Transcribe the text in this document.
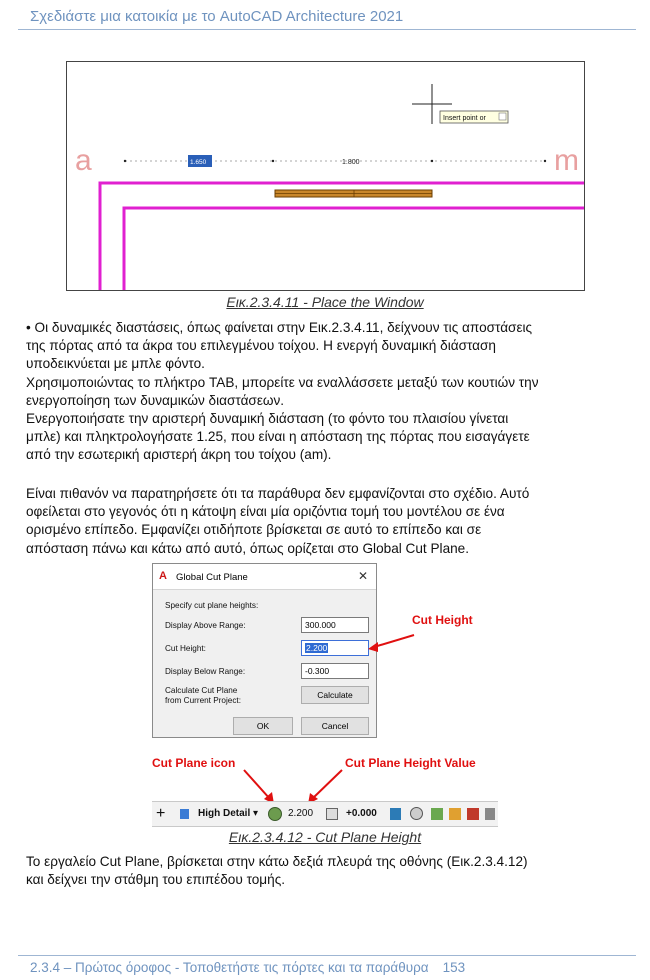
Σχεδιάστε μια κατοικία με το AutoCAD Architecture 2021
Insert point or
a	m
1.650	1.800
Εικ.2.3.4.11 - Place the Window
• Οι δυναμικές διαστάσεις, όπως φαίνεται στην Εικ.2.3.4.11, δείχνουν τις αποστάσεις
της πόρτας από τα άκρα του επιλεγμένου τοίχου. Η ενεργή δυναμική διάσταση
υποδεικνύεται με μπλε φόντο.
Χρησιμοποιώντας το πλήκτρο TAB, μπορείτε να εναλλάσσετε μεταξύ των κουτιών την
ενεργοποίηση των δυναμικών διαστάσεων.
Ενεργοποιήσατε την αριστερή δυναμική διάσταση (το φόντο του πλαισίου γίνεται
μπλε) και πληκτρολογήσατε 1.25, που είναι η απόσταση της πόρτας που εισαγάγετε
από την εσωτερική αριστερή άκρη του τοίχου (am).
Είναι πιθανόν να παρατηρήσετε ότι τα παράθυρα δεν εμφανίζονται στο σχέδιο. Αυτό
οφείλεται στο γεγονός ότι η κάτοψη είναι μία οριζόντια τομή του μοντέλου σε ένα
ορισμένο επίπεδο. Εμφανίζει οτιδήποτε βρίσκεται σε αυτό το επίπεδο και σε
απόσταση πάνω και κάτω από αυτό, όπως ορίζεται στο Global Cut Plane.
A Global Cut Plane	✕
Specify cut plane heights:
Display Above Range:	300.000
Cut Height:	2.200
Display Below Range:	-0.300
Calculate Cut Plane
from Current Project:
Calculate
OK	Cancel
Cut Height
Cut Plane icon	Cut Plane Height Value
+	High Detail ▾	2.200	+0.000
Εικ.2.3.4.12 - Cut Plane Height
Το εργαλείο Cut Plane, βρίσκεται στην κάτω δεξιά πλευρά της οθόνης (Εικ.2.3.4.12)
και δείχνει την στάθμη του επιπέδου τομής.
2.3.4 – Πρώτος όροφος - Τοποθετήστε τις πόρτες και τα παράθυρα 153
